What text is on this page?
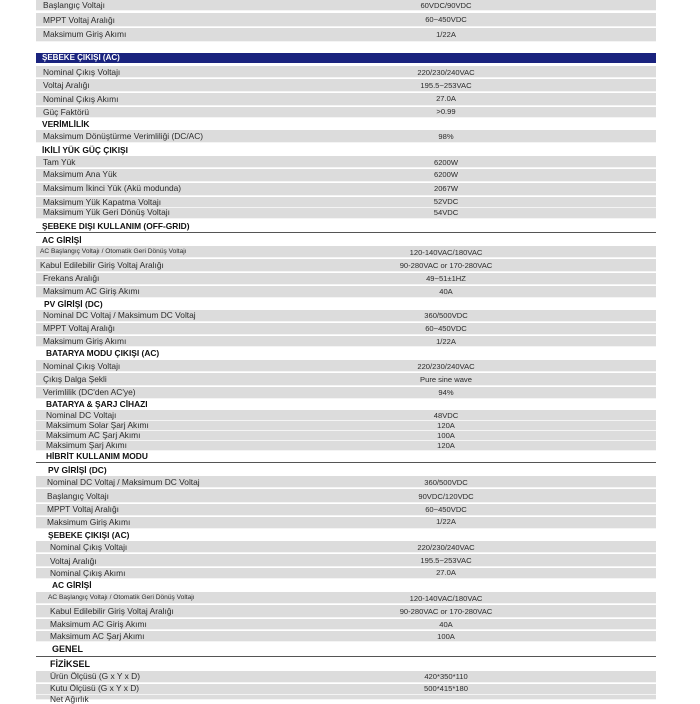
Başlangıç Voltajı	60VDC/90VDC
MPPT Voltaj Aralığı	60~450VDC
Maksimum Giriş Akımı	1/22A
ŞEBEKE ÇIKIŞI (AC)
Nominal Çıkış Voltajı	220/230/240VAC
Voltaj Aralığı	195.5~253VAC
Nominal Çıkış Akımı	27.0A
Güç Faktörü	>0.99
VERİMLİLİK
Maksimum Dönüştürme Verimliliği (DC/AC)	98%
İKİLİ YÜK GÜÇ ÇIKIŞI
Tam Yük	6200W
Maksimum Ana Yük	6200W
Maksimum İkinci Yük (Akü modunda)	2067W
Maksimum Yük Kapatma Voltajı	52VDC
Maksimum Yük Geri Dönüş Voltajı	54VDC
ŞEBEKE DIŞI KULLANIM (OFF-GRID)
AC GİRİŞİ
AC Başlangıç Voltajı / Otomatik Geri Dönüş Voltajı	120-140VAC/180VAC
Kabul Edilebilir Giriş Voltaj Aralığı	90-280VAC or 170-280VAC
Frekans Aralığı	49~51±1HZ
Maksimum AC Giriş Akımı	40A
PV GİRİŞİ (DC)
Nominal DC Voltaj / Maksimum DC Voltaj	360/500VDC
MPPT Voltaj Aralığı	60~450VDC
Maksimum Giriş Akımı	1/22A
BATARYA MODU ÇIKIŞI (AC)
Nominal Çıkış Voltajı	220/230/240VAC
Çıkış Dalga Şekli	Pure sine wave
Verimlilik (DC'den AC'ye)	94%
BATARYA & ŞARJ CİHAZI
Nominal DC Voltajı	48VDC
Maksimum Solar Şarj Akımı	120A
Maksimum AC Şarj Akımı	100A
Maksimum Şarj Akımı	120A
HİBRİT KULLANIM MODU
PV GİRİŞİ (DC)
Nominal DC Voltaj / Maksimum DC Voltaj	360/500VDC
Başlangıç Voltajı	90VDC/120VDC
MPPT Voltaj Aralığı	60~450VDC
Maksimum Giriş Akımı	1/22A
ŞEBEKE ÇIKIŞI (AC)
Nominal Çıkış Voltajı	220/230/240VAC
Voltaj Aralığı	195.5~253VAC
Nominal Çıkış Akımı	27.0A
AC GİRİŞİ
AC Başlangıç Voltajı / Otomatik Geri Dönüş Voltajı	120-140VAC/180VAC
Kabul Edilebilir Giriş Voltaj Aralığı	90-280VAC or 170-280VAC
Maksimum AC Giriş Akımı	40A
Maksimum AC Şarj Akımı	100A
GENEL
FİZİKSEL
Ürün Ölçüsü (G x Y x D)	420*350*110
Kutu Ölçüsü (G x Y x D)	500*415*180
Net Ağırlık
